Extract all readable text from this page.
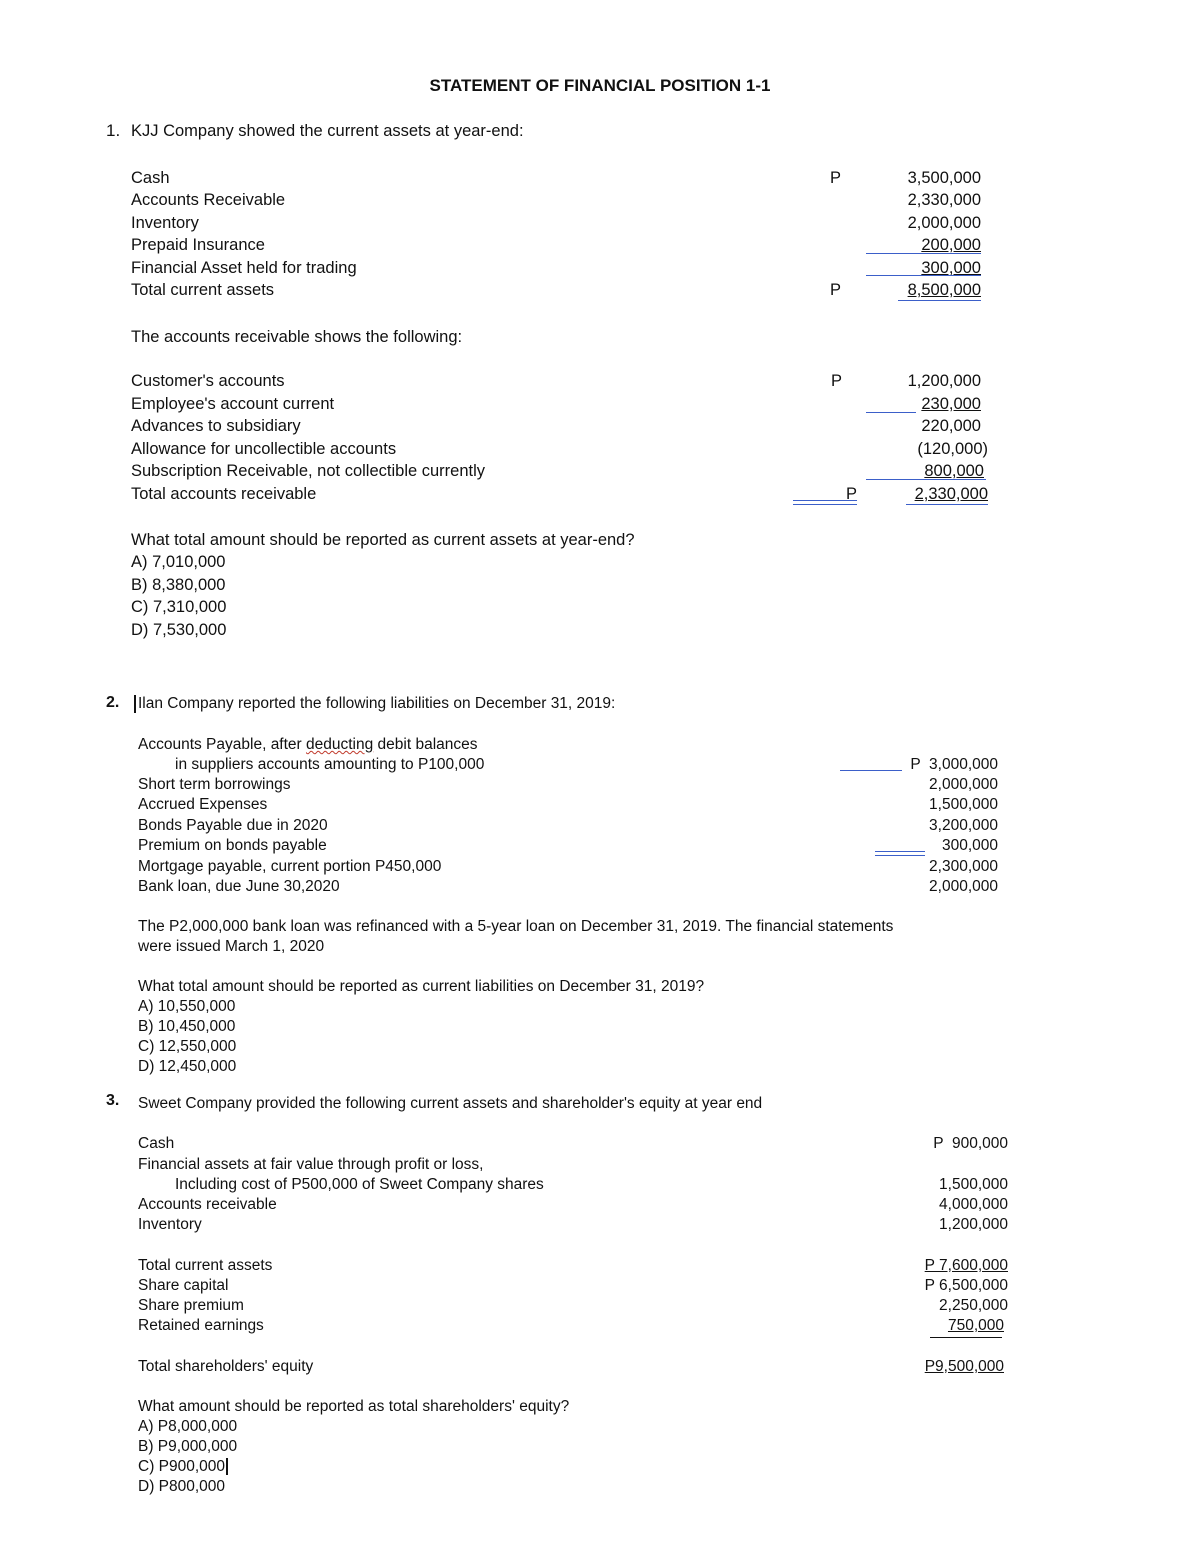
STATEMENT OF FINANCIAL POSITION 1-1
1. KJJ Company showed the current assets at year-end:
Cash
Accounts Receivable
Inventory
Prepaid Insurance
Financial Asset held for trading
Total current assets
P
P
3,500,000
2,330,000
2,000,000
200,000
300,000
8,500,000
The accounts receivable shows the following:
Customer's accounts
Employee's account current
Advances to subsidiary
Allowance for uncollectible accounts
Subscription Receivable, not collectible currently
Total accounts receivable
P
P
1,200,000
230,000
220,000
(120,000)
800,000
2,330,000
What total amount should be reported as current assets at year-end?
A) 7,010,000
B) 8,380,000
C) 7,310,000
D) 7,530,000
2. Ilan Company reported the following liabilities on December 31, 2019:
Accounts Payable, after deducting debit balances
in suppliers accounts amounting to P100,000
Short term borrowings
Accrued Expenses
Bonds Payable due in 2020
Premium on bonds payable
Mortgage payable, current portion P450,000
Bank loan, due June 30,2020
P  3,000,000
2,000,000
1,500,000
3,200,000
300,000
2,300,000
2,000,000
The P2,000,000 bank loan was refinanced with a 5-year loan on December 31, 2019. The financial statements
were issued March 1, 2020
What total amount should be reported as current liabilities on December 31, 2019?
A) 10,550,000
B) 10,450,000
C) 12,550,000
D) 12,450,000
3. Sweet Company provided the following current assets and shareholder's equity at year end
Cash
Financial assets at fair value through profit or loss,
Including cost of P500,000 of Sweet Company shares
Accounts receivable
Inventory
P  900,000
1,500,000
4,000,000
1,200,000
Total current assets
Share capital
Share premium
Retained earnings
P 7,600,000
P 6,500,000
2,250,000
750,000
Total shareholders' equity	P9,500,000
What amount should be reported as total shareholders' equity?
A) P8,000,000
B) P9,000,000
C) P900,000
D) P800,000
